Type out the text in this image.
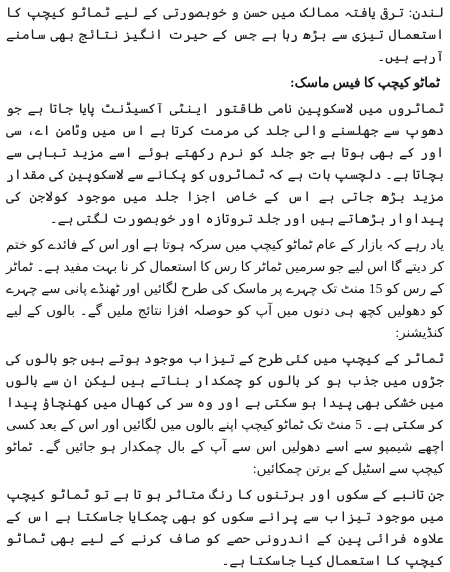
لندن: ترقی یافتہ ممالک میں حسن و خوبصورتی کے لیے ٹماٹو کیچپ کا استعمال تیزی سے بڑھ رہا ہے جس کے حیرت انگیز نتائج بھی سامنے آرہے ہیں۔

ٹماٹو کیچپ کا فیس ماسک:

ٹماٹروں میں لاسکوپین نامی طاقتور اینٹی آکسیڈنٹ پایا جاتا ہے جو دھوپ سے جھلسنے والی جلد کی مرمت کرتا ہے اس میں وٹامن اے، سی اور کے بھی ہوتا ہے جو جلد کو نرم رکھتے ہوئے اسے مزید تباہی سے بچاتا ہے۔ دلچسپ بات ہے کہ ٹماٹروں کو پکانے سے لاسکوپین کی مقدار مزید بڑھ جاتی ہے اس کے خاص اجزا جلد میں موجود کولاجن کی پیداوار بڑھاتے ہیں اور جلد تروتازہ اور خوبصورت لگتی ہے۔

یاد رہے کہ بازار کے عام ٹماٹو کیچپ میں سرکہ ہوتا ہے اور اس کے فائدے کو ختم کر دیتے گا اس لیے جو سرمیں ٹماٹر کا رس کا استعمال کر نا بہت مفید ہے۔ ٹماٹر کے رس کو 15 منٹ تک چہرے پر ماسک کی طرح لگائیں اور ٹھنڈے پانی سے چہرے کو دھولیں کچھ ہی دنوں میں آپ کو حوصلہ افزا نتائج ملیں گے۔ بالوں کے لیے کنڈیشنر:

ٹماٹر کے کیچپ میں کئی طرح کے تیزاب موجود ہوتے ہیں جو بالوں کی جڑوں میں جذب ہو کر بالوں کو چمکدار بناتے ہیں لیکن ان سے بالوں میں خشکی بھی پیدا ہو سکتی ہے اور وہ سر کی کھال میں کھنچاؤ پیدا کر سکتی ہے۔ 5 منٹ تک ٹماٹو کیچپ اپنے بالوں میں لگائیں اور اس کے بعد کسی اچھے شیمپو سے اسے دھولیں اس سے آپ کے بال چمکدار ہو جائیں گے۔ ٹماٹو کیچپ سے اسٹیل کے برتن چمکائیں:

جن تانبے کے سکوں اور برتنوں کا رنگ متاثر ہو تا ہے تو ٹماٹو کیچپ میں موجود تیزاب سے پرانے سکوں کو بھی چمکایا جاسکتا ہے اس کے علاوہ فرائی پین کے اندرونی حصے کو صاف کرنے کے لیے بھی ٹماٹو کیچپ کا استعمال کیا جاسکتا ہے۔
